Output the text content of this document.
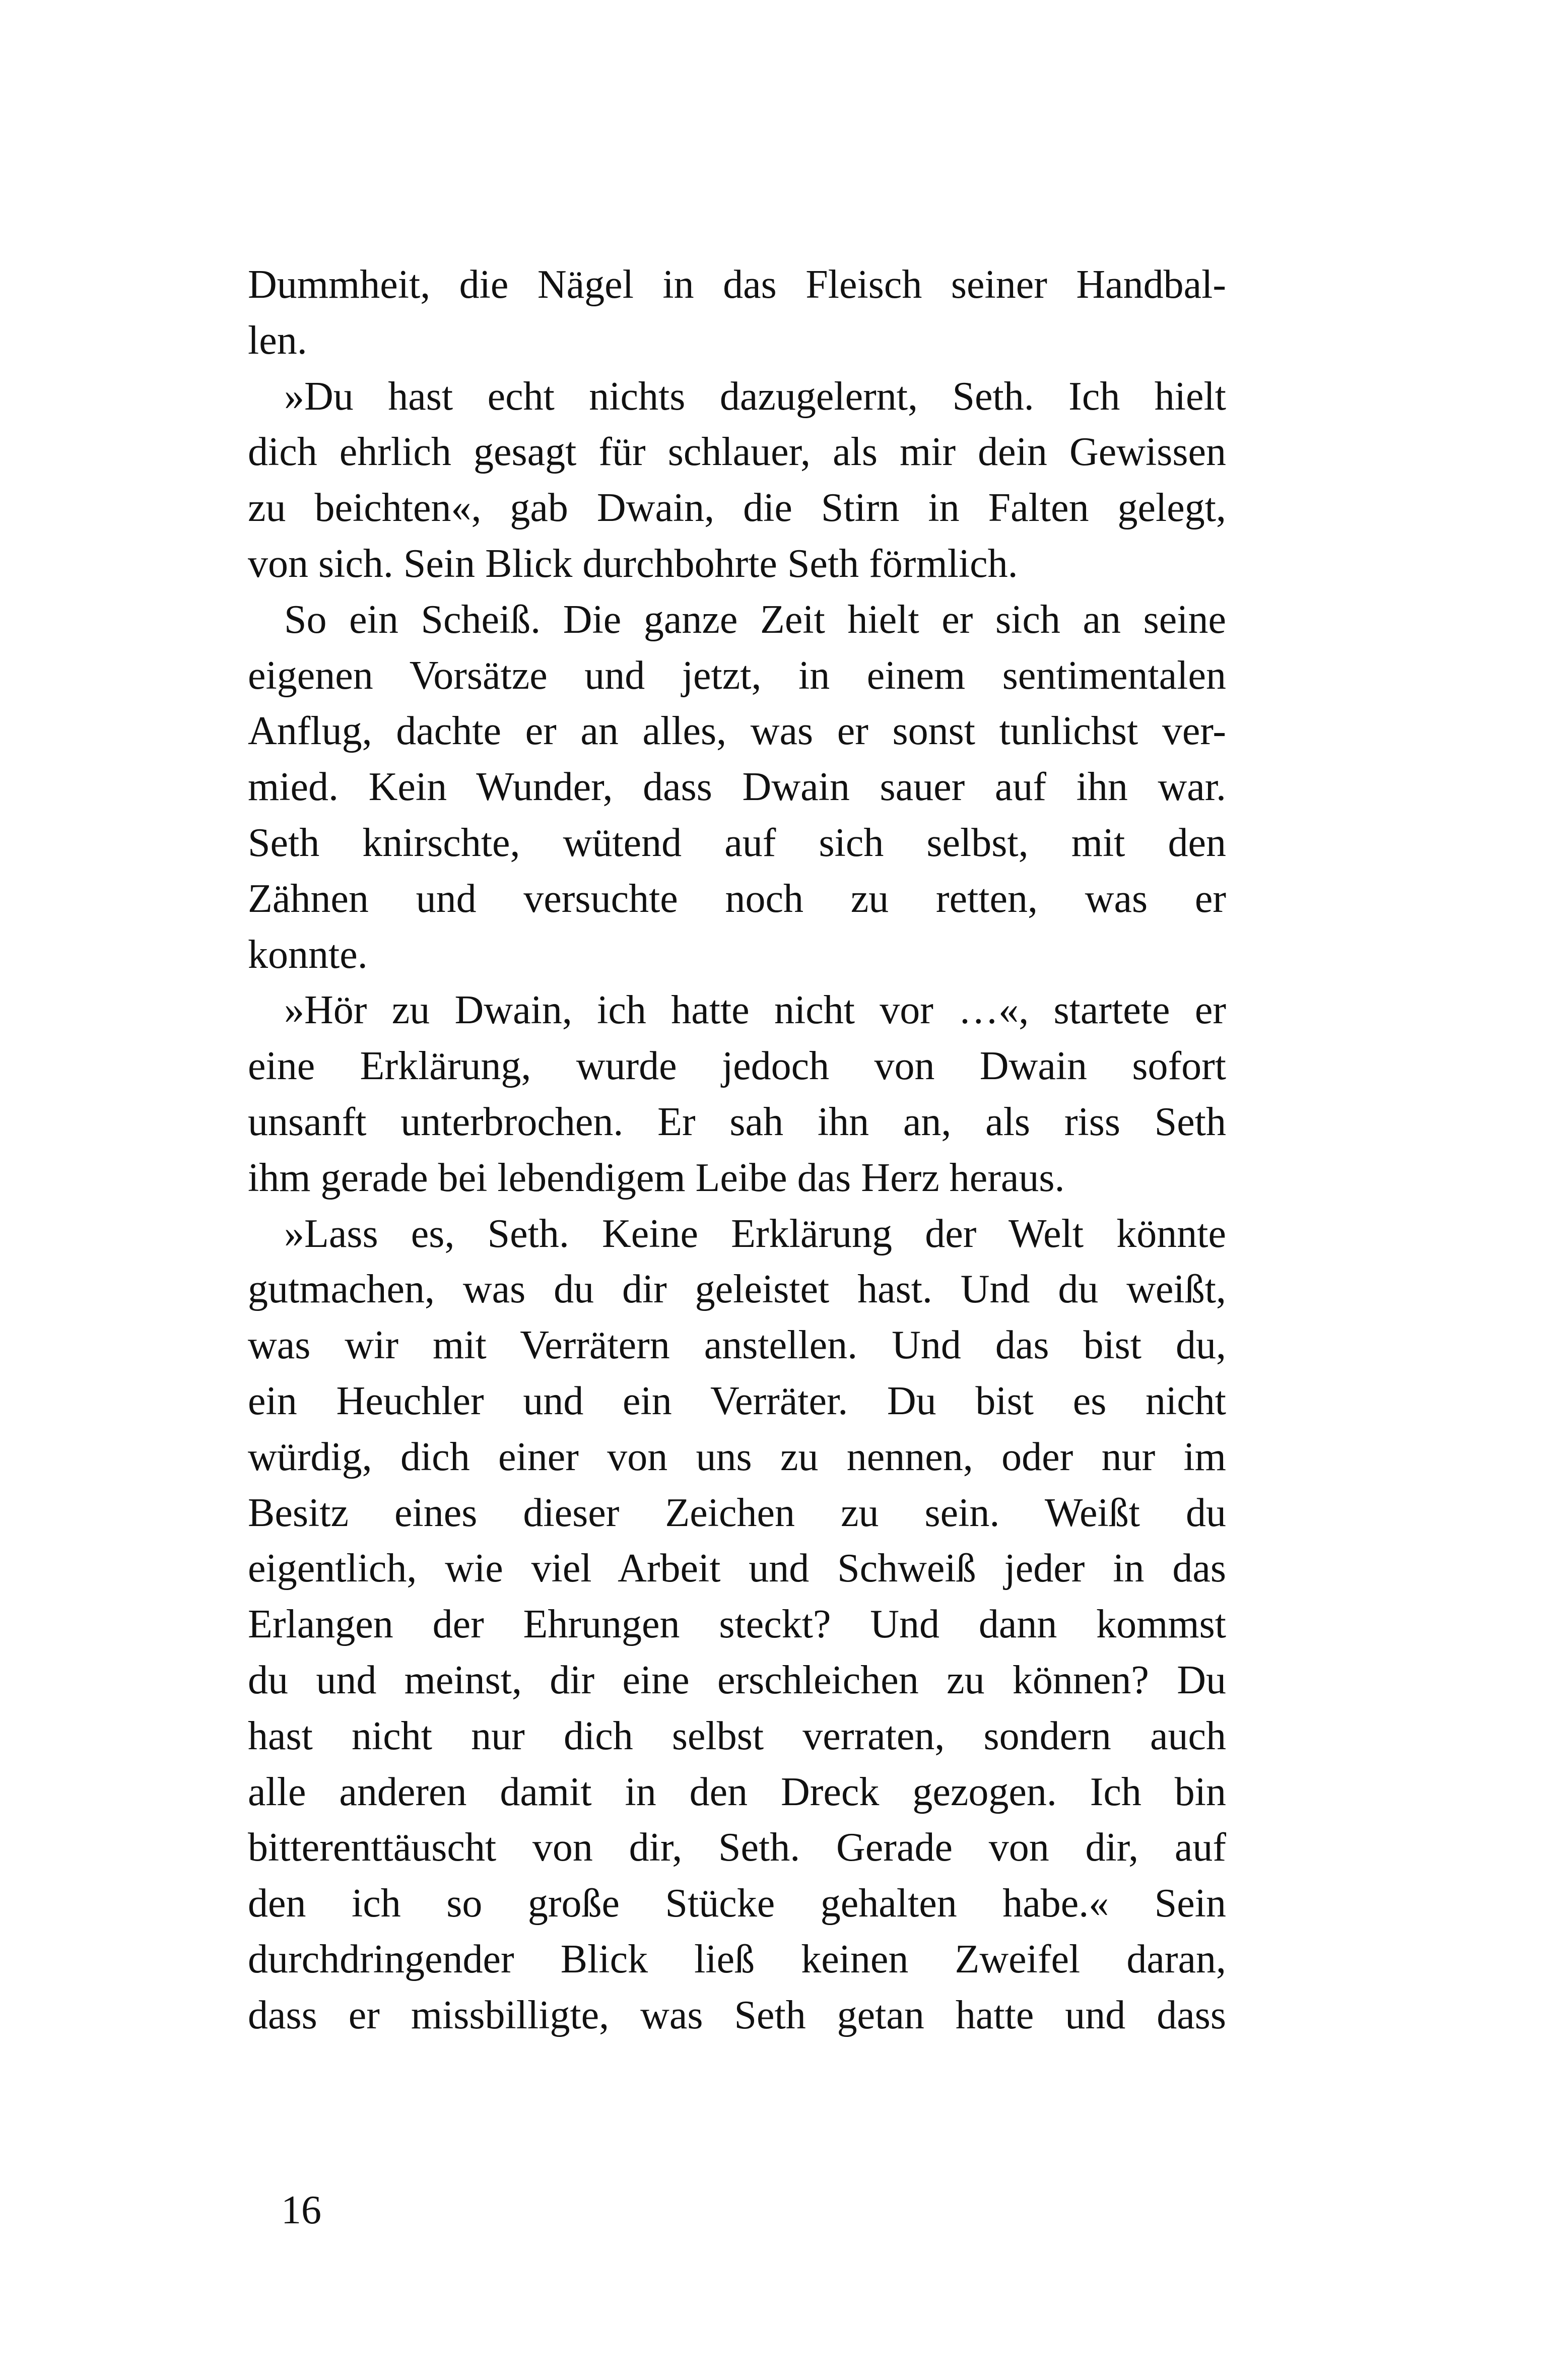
Dummheit, die Nägel in das Fleisch seiner Handbal-
len.
»Du hast echt nichts dazugelernt, Seth. Ich hielt
dich ehrlich gesagt für schlauer, als mir dein Gewissen
zu beichten«, gab Dwain, die Stirn in Falten gelegt,
von sich. Sein Blick durchbohrte Seth förmlich.
So ein Scheiß. Die ganze Zeit hielt er sich an seine
eigenen Vorsätze und jetzt, in einem sentimentalen
Anflug, dachte er an alles, was er sonst tunlichst ver-
mied. Kein Wunder, dass Dwain sauer auf ihn war.
Seth knirschte, wütend auf sich selbst, mit den
Zähnen und versuchte noch zu retten, was er
konnte.
»Hör zu Dwain, ich hatte nicht vor …«, startete er
eine Erklärung, wurde jedoch von Dwain sofort
unsanft unterbrochen. Er sah ihn an, als riss Seth
ihm gerade bei lebendigem Leibe das Herz heraus.
»Lass es, Seth. Keine Erklärung der Welt könnte
gutmachen, was du dir geleistet hast. Und du weißt,
was wir mit Verrätern anstellen. Und das bist du,
ein Heuchler und ein Verräter. Du bist es nicht
würdig, dich einer von uns zu nennen, oder nur im
Besitz eines dieser Zeichen zu sein. Weißt du
eigentlich, wie viel Arbeit und Schweiß jeder in das
Erlangen der Ehrungen steckt? Und dann kommst
du und meinst, dir eine erschleichen zu können? Du
hast nicht nur dich selbst verraten, sondern auch
alle anderen damit in den Dreck gezogen. Ich bin
bitterenttäuscht von dir, Seth. Gerade von dir, auf
den ich so große Stücke gehalten habe.« Sein
durchdringender Blick ließ keinen Zweifel daran,
dass er missbilligte, was Seth getan hatte und dass
16
